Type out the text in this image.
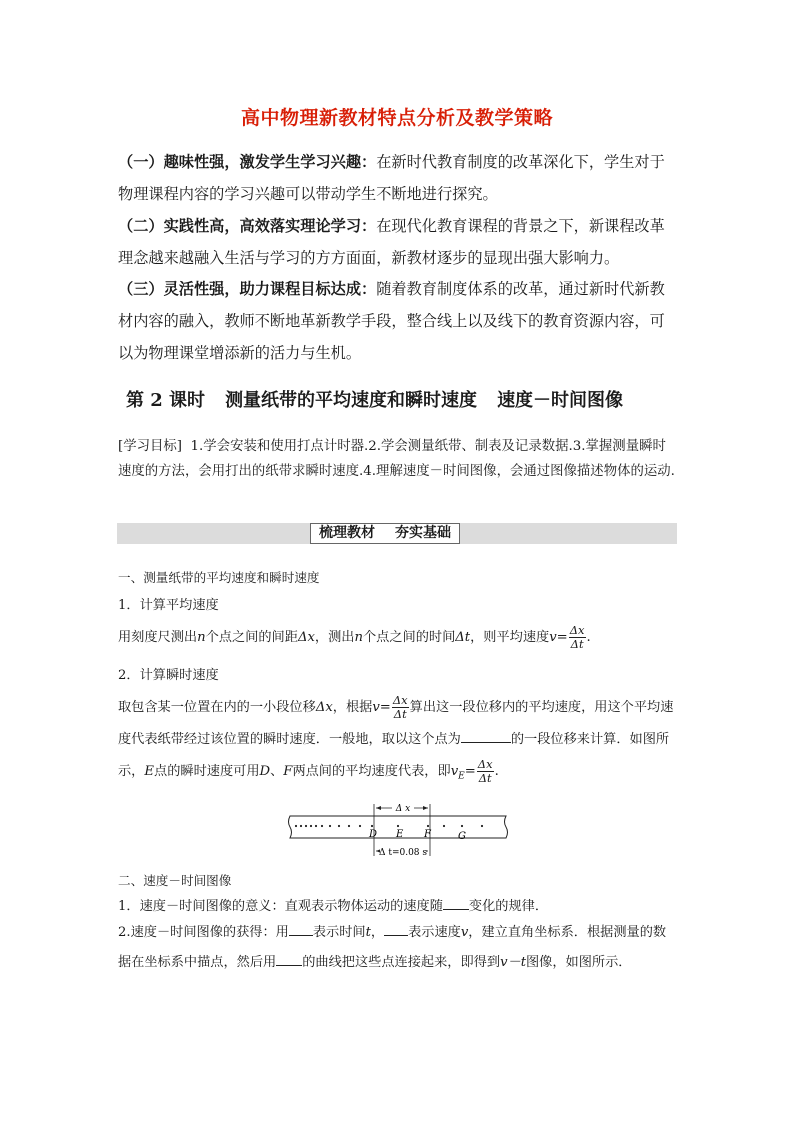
高中物理新教材特点分析及教学策略

（一）趣味性强，激发学生学习兴趣：在新时代教育制度的改革深化下，学生对于物理课程内容的学习兴趣可以带动学生不断地进行探究。

（二）实践性高，高效落实理论学习：在现代化教育课程的背景之下，新课程改革理念越来越融入生活与学习的方方面面，新教材逐步的显现出强大影响力。

（三）灵活性强，助力课程目标达成：随着教育制度体系的改革，通过新时代新教材内容的融入，教师不断地革新教学手段，整合线上以及线下的教育资源内容，可以为物理课堂增添新的活力与生机。

第 2 课时 测量纸带的平均速度和瞬时速度 速度－时间图像
[学习目标] 1.学会安装和使用打点计时器.2.学会测量纸带、制表及记录数据.3.掌握测量瞬时速度的方法，会用打出的纸带求瞬时速度.4.理解速度－时间图像，会通过图像描述物体的运动.
梳理教材 夯实基础
一、测量纸带的平均速度和瞬时速度
1．计算平均速度
用刻度尺测出n个点之间的间距Δx，测出n个点之间的时间Δt，则平均速度$v= \frac{\Delta x}{\Delta t}$ .
2．计算瞬时速度
取包含某一位置在内的一小段位移Δx，根据$v= \frac{\Delta x}{\Delta t}$ 算出这一段位移内的平均速度，用这个平均速度代表纸带经过该位置的瞬时速度．一般地，取以这个点为	的一段位移来计算．如图所示，E点的瞬时速度可用D、F两点间的平均速度代表，即$v_E= \frac{\Delta x}{\Delta t}$ .
Δ x
Δ t=0.08 s
D E F	G
二、速度－时间图像
1．速度－时间图像的意义：直观表示物体运动的速度随 变化的规律．
2.速度－时间图像的获得：用 表示时间t， 表示速度v，建立直角坐标系．根据测量的数据在坐标系中描点，然后用 的曲线把这些点连接起来，即得到v－t图像，如图所示．
